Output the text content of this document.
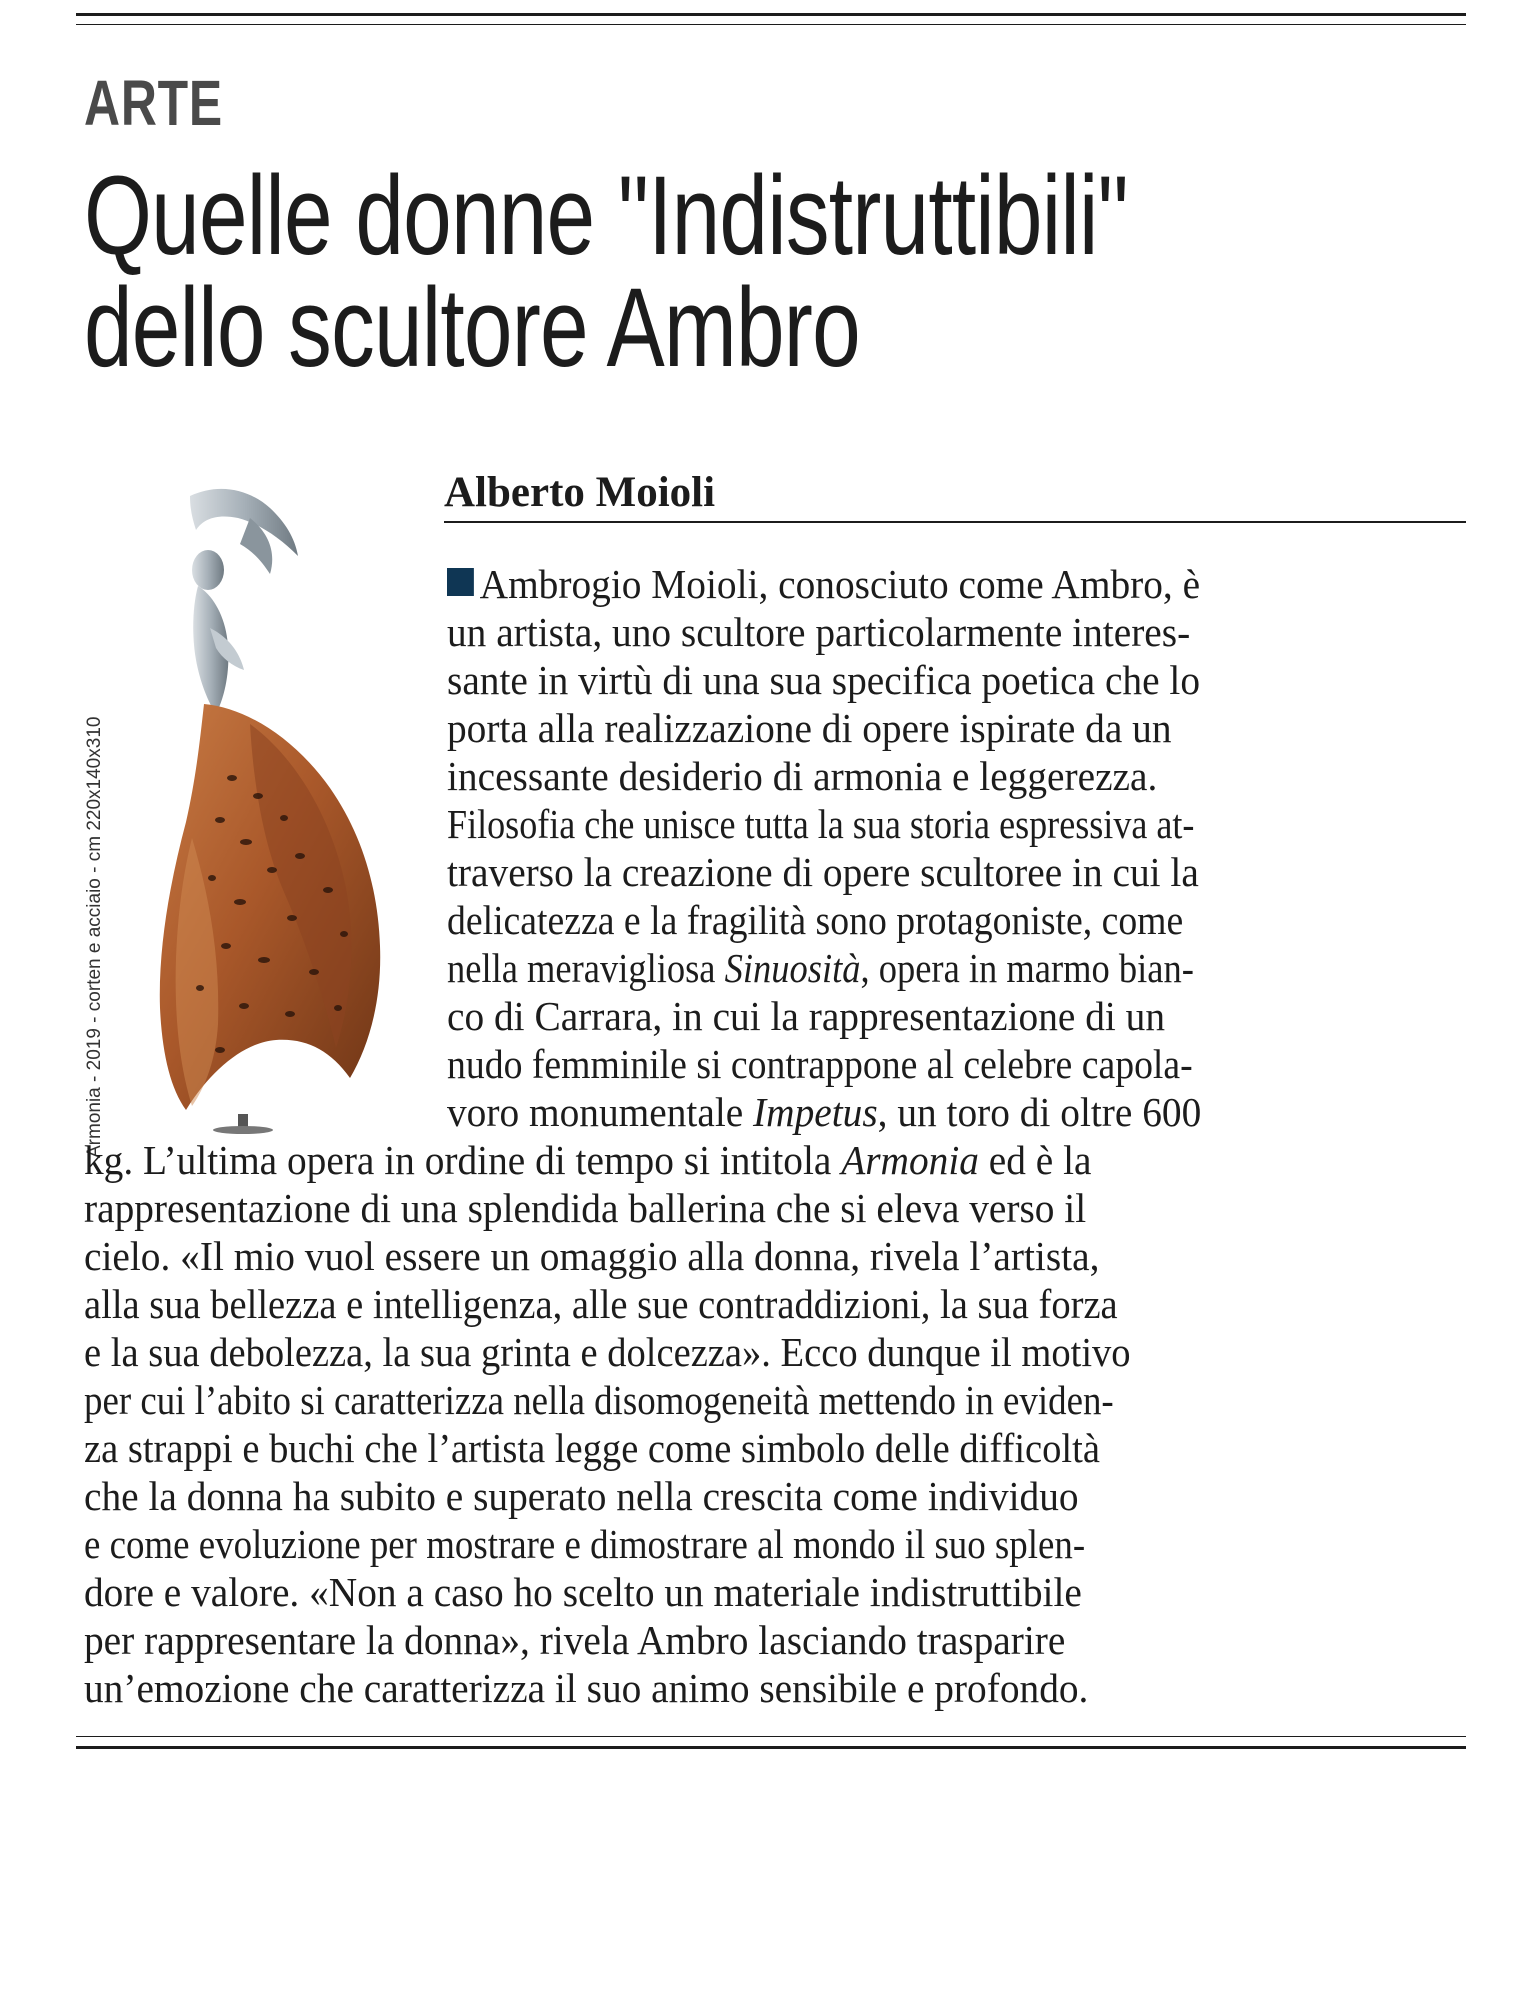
ARTE
Quelle donne "Indistruttibili"
dello scultore Ambro
Armonia - 2019 - corten e acciaio - cm 220x140x310
Alberto Moioli

Ambrogio Moioli, conosciuto come Ambro, è

un artista, uno scultore particolarmente interes-

sante in virtù di una sua specifica poetica che lo

porta alla realizzazione di opere ispirate da un

incessante desiderio di armonia e leggerezza.

Filosofia che unisce tutta la sua storia espressiva at-

traverso la creazione di opere scultoree in cui la

delicatezza e la fragilità sono protagoniste, come

nella meravigliosa Sinuosità, opera in marmo bian-

co di Carrara, in cui la rappresentazione di un

nudo femminile si contrappone al celebre capola-

voro monumentale Impetus, un toro di oltre 600

kg. L’ultima opera in ordine di tempo si intitola Armonia ed è la

rappresentazione di una splendida ballerina che si eleva verso il

cielo. «Il mio vuol essere un omaggio alla donna, rivela l’artista,

alla sua bellezza e intelligenza, alle sue contraddizioni, la sua forza

e la sua debolezza, la sua grinta e dolcezza». Ecco dunque il motivo

per cui l’abito si caratterizza nella disomogeneità mettendo in eviden-

za strappi e buchi che l’artista legge come simbolo delle difficoltà

che la donna ha subito e superato nella crescita come individuo

e come evoluzione per mostrare e dimostrare al mondo il suo splen-

dore e valore. «Non a caso ho scelto un materiale indistruttibile

per rappresentare la donna», rivela Ambro lasciando trasparire

un’emozione che caratterizza il suo animo sensibile e profondo.
